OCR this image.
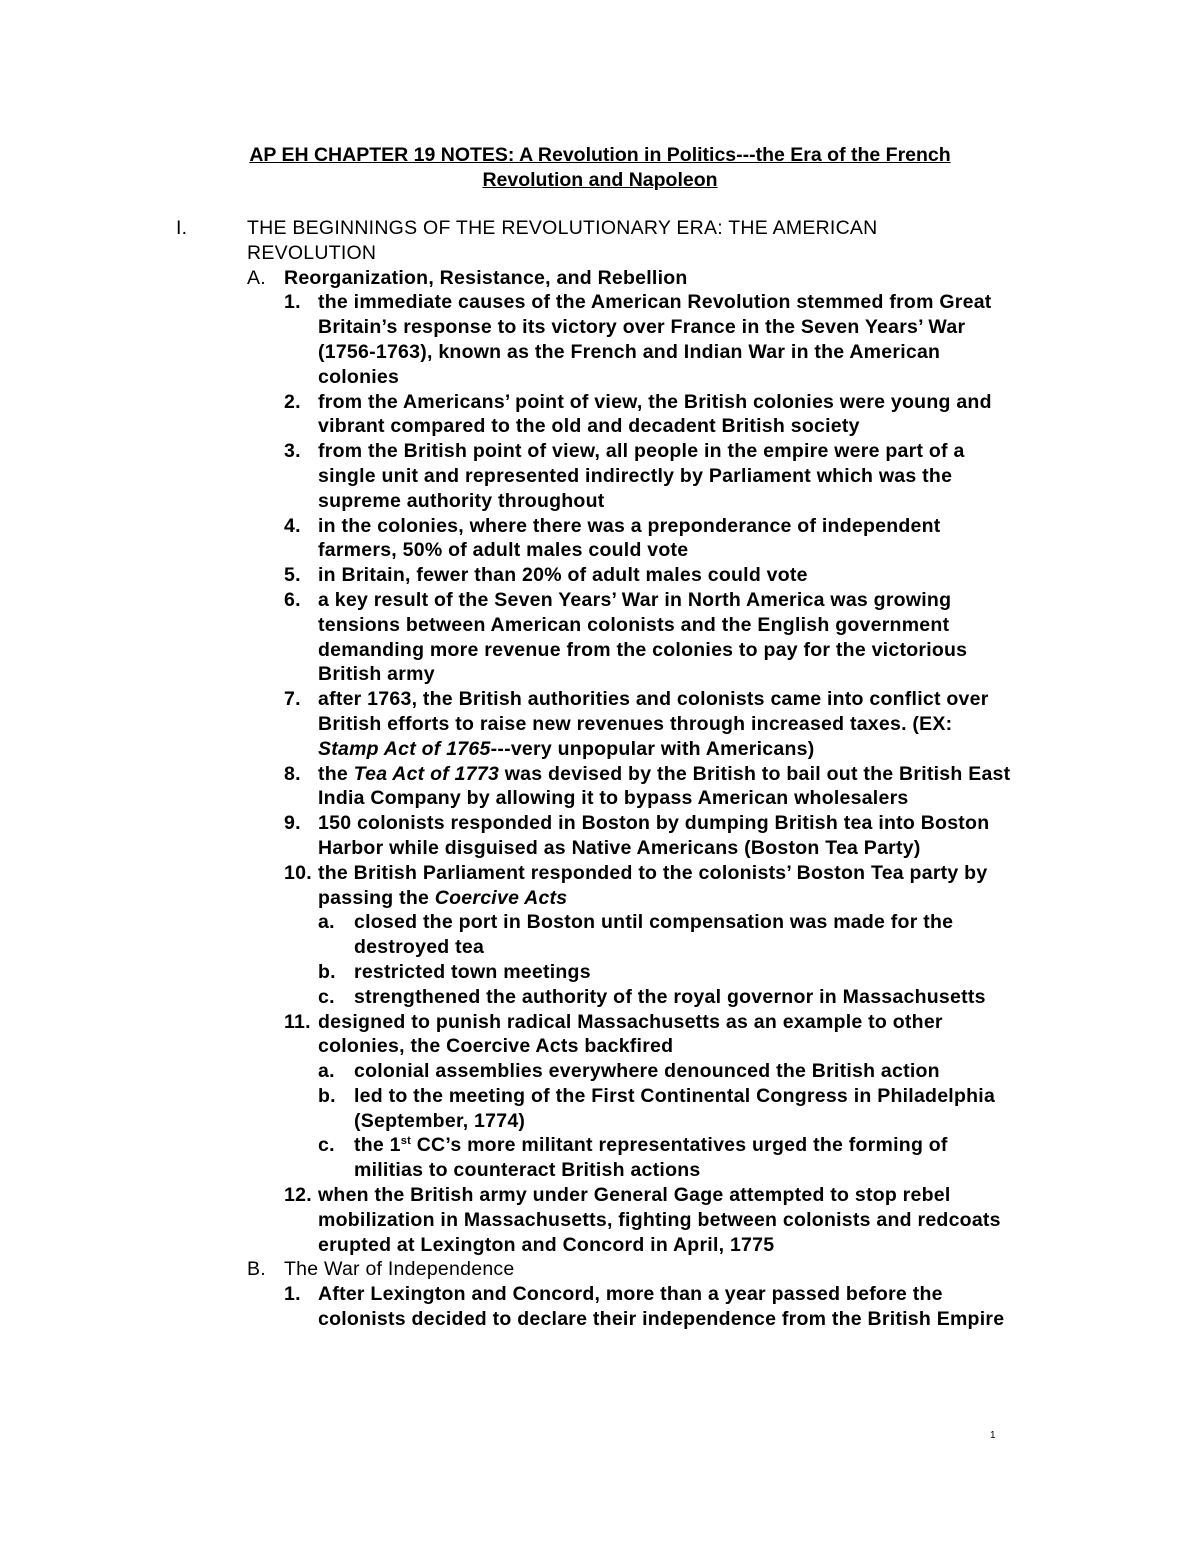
AP EH CHAPTER 19 NOTES: A Revolution in Politics---the Era of the French
Revolution and Napoleon
I.	THE BEGINNINGS OF THE REVOLUTIONARY ERA: THE AMERICAN REVOLUTION
A. Reorganization, Resistance, and Rebellion
1. the immediate causes of the American Revolution stemmed from Great Britain’s response to its victory over France in the Seven Years’ War (1756-1763), known as the French and Indian War in the American colonies
2. from the Americans’ point of view, the British colonies were young and vibrant compared to the old and decadent British society
3. from the British point of view, all people in the empire were part of a single unit and represented indirectly by Parliament which was the supreme authority throughout
4. in the colonies, where there was a preponderance of independent farmers, 50% of adult males could vote
5. in Britain, fewer than 20% of adult males could vote
6. a key result of the Seven Years’ War in North America was growing tensions between American colonists and the English government demanding more revenue from the colonies to pay for the victorious British army
7. after 1763, the British authorities and colonists came into conflict over British efforts to raise new revenues through increased taxes. (EX: Stamp Act of 1765---very unpopular with Americans)
8. the Tea Act of 1773 was devised by the British to bail out the British East India Company by allowing it to bypass American wholesalers
9. 150 colonists responded in Boston by dumping British tea into Boston Harbor while disguised as Native Americans (Boston Tea Party)
10. the British Parliament responded to the colonists’ Boston Tea party by passing the Coercive Acts
a. closed the port in Boston until compensation was made for the destroyed tea
b. restricted town meetings
c. strengthened the authority of the royal governor in Massachusetts
11. designed to punish radical Massachusetts as an example to other colonies, the Coercive Acts backfired
a. colonial assemblies everywhere denounced the British action
b. led to the meeting of the First Continental Congress in Philadelphia (September, 1774)
c. the 1st CC’s more militant representatives urged the forming of militias to counteract British actions
12. when the British army under General Gage attempted to stop rebel mobilization in Massachusetts, fighting between colonists and redcoats erupted at Lexington and Concord in April, 1775
B. The War of Independence
1. After Lexington and Concord, more than a year passed before the colonists decided to declare their independence from the British Empire
1
